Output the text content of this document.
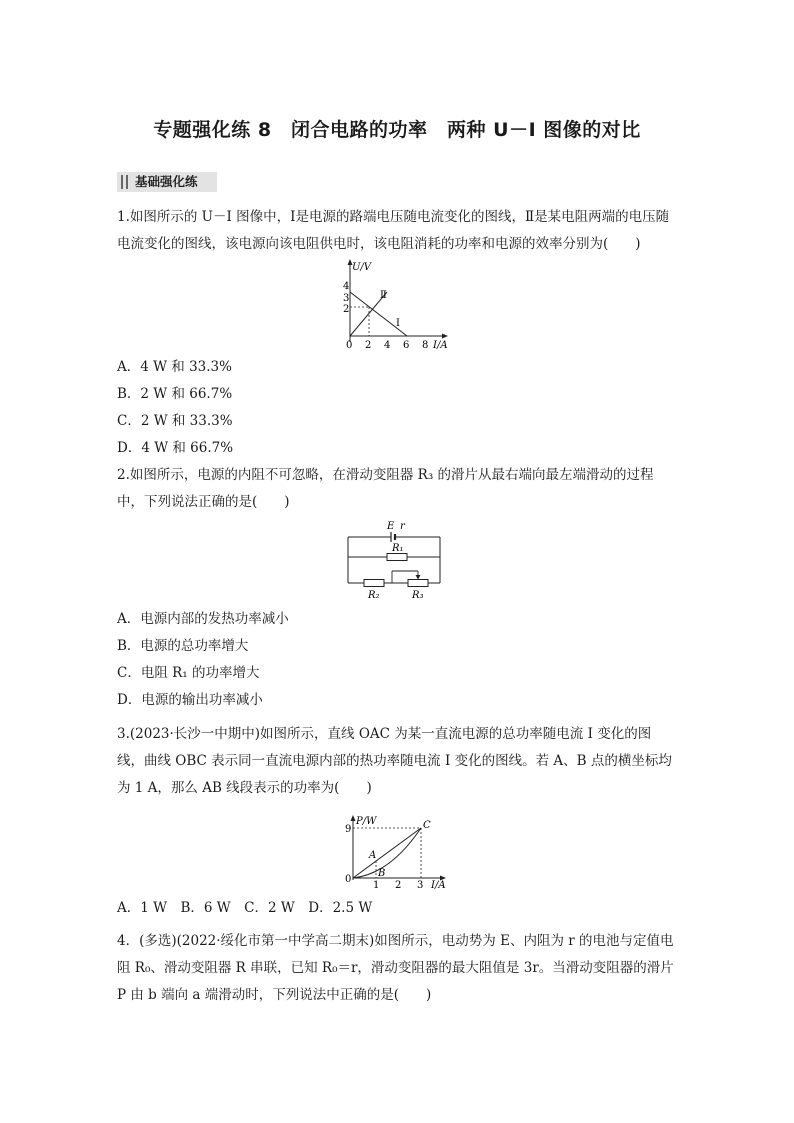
专题强化练 8　闭合电路的功率　两种 U－I 图像的对比
基础强化练
1.如图所示的 U－I 图像中，Ⅰ是电源的路端电压随电流变化的图线，Ⅱ是某电阻两端的电压随电流变化的图线，该电源向该电阻供电时，该电阻消耗的功率和电源的效率分别为(　　)
U/V
4
3
2
0 2 4 6 8 I/A
Ⅰ
Ⅱ
A．4 W 和 33.3%
B．2 W 和 66.7%
C．2 W 和 33.3%
D．4 W 和 66.7%
2.如图所示，电源的内阻不可忽略，在滑动变阻器 R₃ 的滑片从最右端向最左端滑动的过程中，下列说法正确的是(　　)
E r
R₁
R₂	R₃
A．电源内部的发热功率减小
B．电源的总功率增大
C．电阻 R₁ 的功率增大
D．电源的输出功率减小
3.(2023·长沙一中期中)如图所示，直线 OAC 为某一直流电源的总功率随电流 I 变化的图线，曲线 OBC 表示同一直流电源内部的热功率随电流 I 变化的图线。若 A、B 点的横坐标均为 1 A，那么 AB 线段表示的功率为(　　)
P/W
9
0
1 2 3 I/A
A
B
C
A．1 W　B．6 W　C．2 W　D．2.5 W
4．(多选)(2022·绥化市第一中学高二期末)如图所示，电动势为 E、内阻为 r 的电池与定值电阻 R₀、滑动变阻器 R 串联，已知 R₀＝r，滑动变阻器的最大阻值是 3r。当滑动变阻器的滑片 P 由 b 端向 a 端滑动时，下列说法中正确的是(　　)
